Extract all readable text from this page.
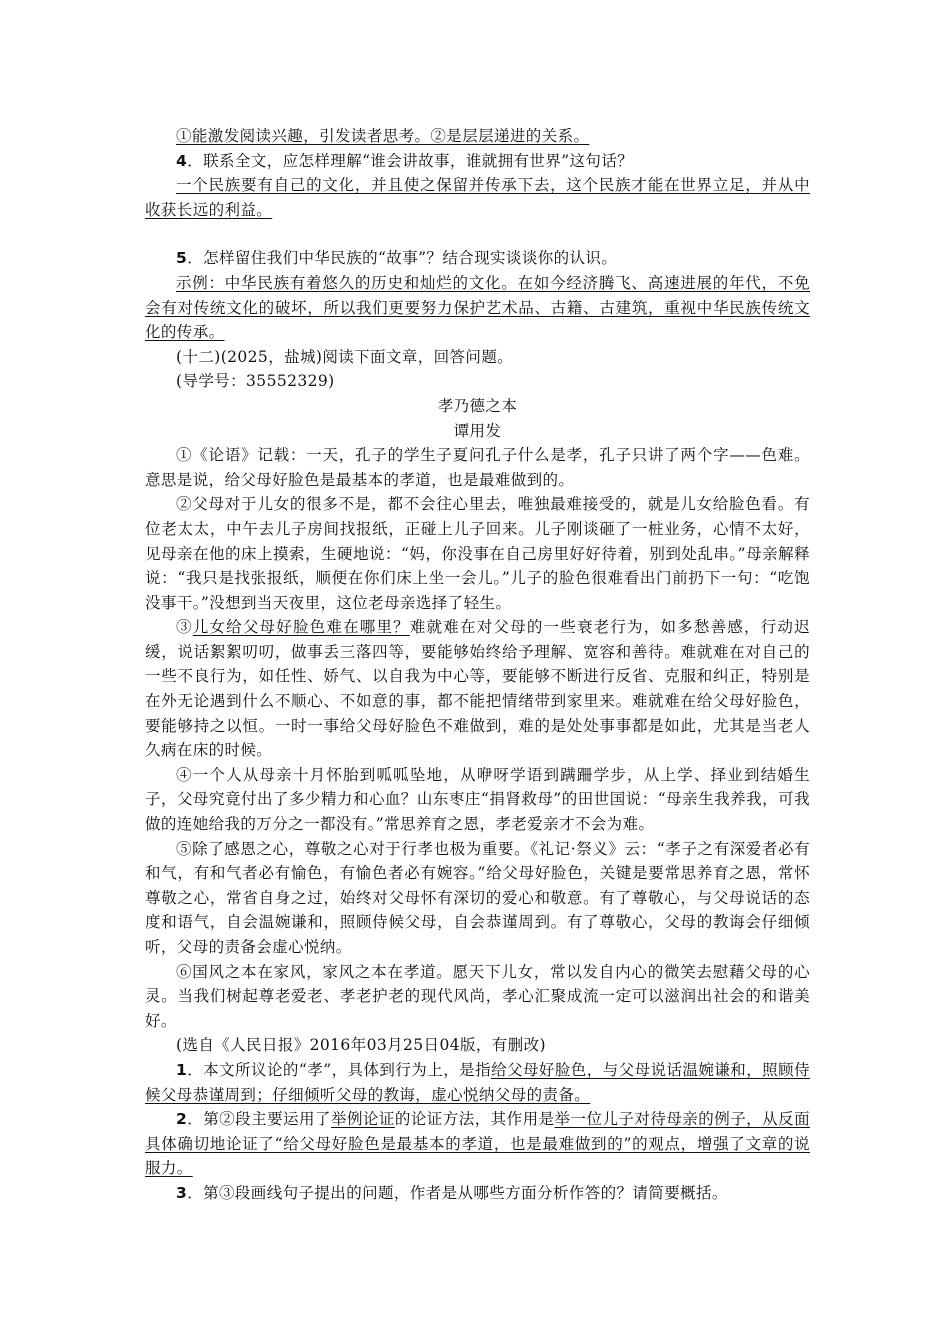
①能激发阅读兴趣，引发读者思考。②是层层递进的关系。

4．联系全文，应怎样理解“谁会讲故事，谁就拥有世界”这句话？

一个民族要有自己的文化，并且使之保留并传承下去，这个民族才能在世界立足，并从中收获长远的利益。

5．怎样留住我们中华民族的“故事”？结合现实谈谈你的认识。

示例：中华民族有着悠久的历史和灿烂的文化。在如今经济腾飞、高速进展的年代，不免会有对传统文化的破坏，所以我们更要努力保护艺术品、古籍、古建筑，重视中华民族传统文化的传承。

(十二)(2025，盐城)阅读下面文章，回答问题。

(导学号：35552329)

孝乃德之本

谭用发

①《论语》记载：一天，孔子的学生子夏问孔子什么是孝，孔子只讲了两个字——色难。意思是说，给父母好脸色是最基本的孝道，也是最难做到的。

②父母对于儿女的很多不是，都不会往心里去，唯独最难接受的，就是儿女给脸色看。有位老太太，中午去儿子房间找报纸，正碰上儿子回来。儿子刚谈砸了一桩业务，心情不太好，见母亲在他的床上摸索，生硬地说：“妈，你没事在自己房里好好待着，别到处乱串。”母亲解释说：“我只是找张报纸，顺便在你们床上坐一会儿。”儿子的脸色很难看出门前扔下一句：“吃饱没事干。”没想到当天夜里，这位老母亲选择了轻生。

③儿女给父母好脸色难在哪里？难就难在对父母的一些衰老行为，如多愁善感，行动迟缓，说话絮絮叨叨，做事丢三落四等，要能够始终给予理解、宽容和善待。难就难在对自己的一些不良行为，如任性、娇气、以自我为中心等，要能够不断进行反省、克服和纠正，特别是在外无论遇到什么不顺心、不如意的事，都不能把情绪带到家里来。难就难在给父母好脸色，要能够持之以恒。一时一事给父母好脸色不难做到，难的是处处事事都是如此，尤其是当老人久病在床的时候。

④一个人从母亲十月怀胎到呱呱坠地，从咿呀学语到蹒跚学步，从上学、择业到结婚生子，父母究竟付出了多少精力和心血？山东枣庄“捐肾救母”的田世国说：“母亲生我养我，可我做的连她给我的万分之一都没有。”常思养育之恩，孝老爱亲才不会为难。

⑤除了感恩之心，尊敬之心对于行孝也极为重要。《礼记·祭义》云：“孝子之有深爱者必有和气，有和气者必有愉色，有愉色者必有婉容。”给父母好脸色，关键是要常思养育之恩，常怀尊敬之心，常省自身之过，始终对父母怀有深切的爱心和敬意。有了尊敬心，与父母说话的态度和语气，自会温婉谦和，照顾侍候父母，自会恭谨周到。有了尊敬心，父母的教诲会仔细倾听，父母的责备会虚心悦纳。

⑥国风之本在家风，家风之本在孝道。愿天下儿女，常以发自内心的微笑去慰藉父母的心灵。当我们树起尊老爱老、孝老护老的现代风尚，孝心汇聚成流一定可以滋润出社会的和谐美好。

(选自《人民日报》2016年03月25日04版，有删改)

1．本文所议论的“孝”，具体到行为上，是指给父母好脸色，与父母说话温婉谦和，照顾侍候父母恭谨周到；仔细倾听父母的教诲，虚心悦纳父母的责备。

2．第②段主要运用了举例论证的论证方法，其作用是举一位儿子对待母亲的例子，从反面具体确切地论证了“给父母好脸色是最基本的孝道，也是最难做到的”的观点，增强了文章的说服力。

3．第③段画线句子提出的问题，作者是从哪些方面分析作答的？请简要概括。
